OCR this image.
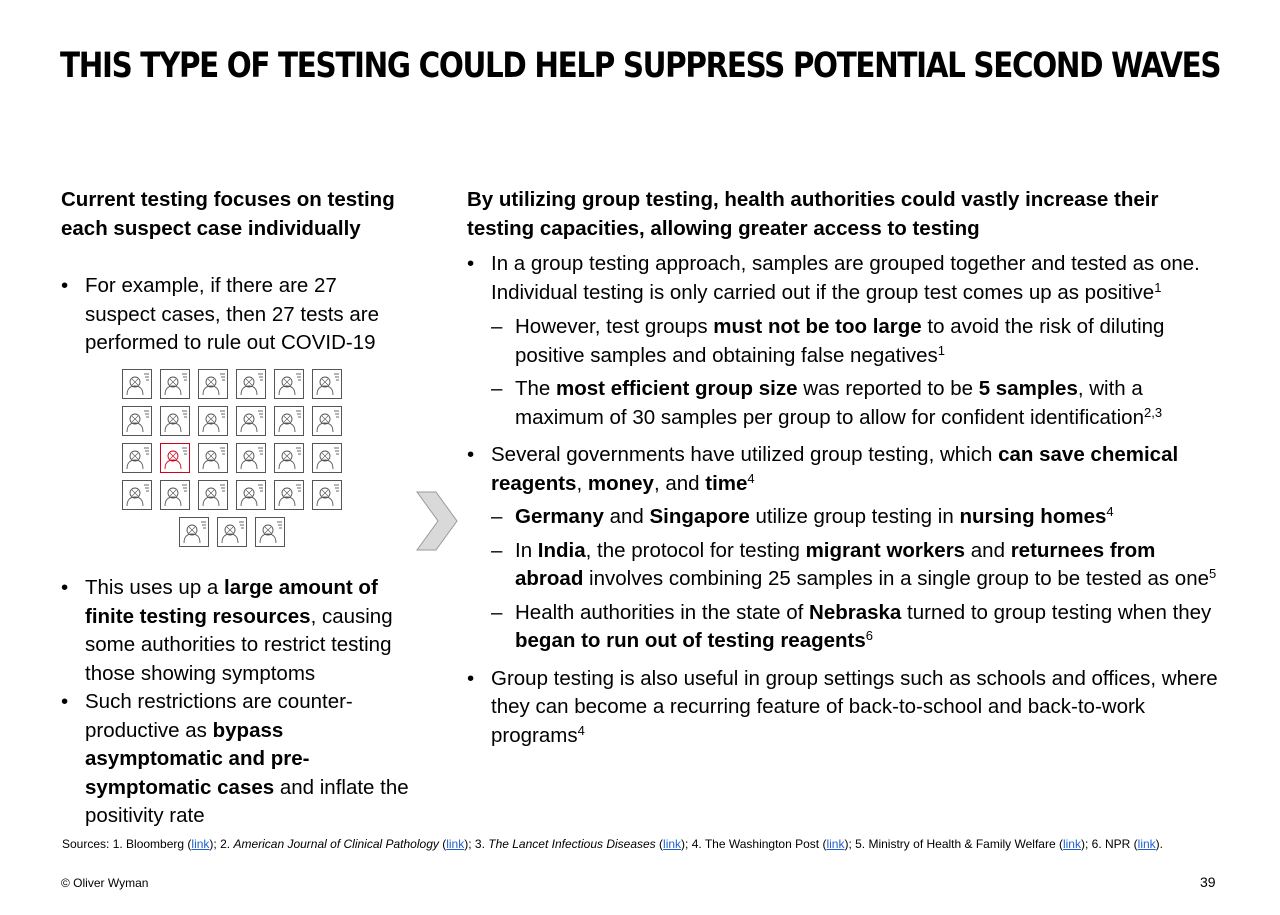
THIS TYPE OF TESTING COULD HELP SUPPRESS POTENTIAL SECOND WAVES

Current testing focuses on testing
each suspect case individually

• For example, if there are 27 suspect cases, then 27 tests are performed to rule out COVID-19
• This uses up a large amount of finite testing resources, causing some authorities to restrict testing those showing symptoms
• Such restrictions are counter-productive as bypass asymptomatic and pre-symptomatic cases and inflate the positivity rate

By utilizing group testing, health authorities could vastly increase their
testing capacities, allowing greater access to testing

• In a group testing approach, samples are grouped together and tested as one. Individual testing is only carried out if the group test comes up as positive$^1$
– However, test groups must not be too large to avoid the risk of diluting positive samples and obtaining false negatives$^1$
– The most efficient group size was reported to be 5 samples, with a maximum of 30 samples per group to allow for confident identification$^{2,3}$
• Several governments have utilized group testing, which can save chemical reagents, money, and time$^4$
– Germany and Singapore utilize group testing in nursing homes$^4$
– In India, the protocol for testing migrant workers and returnees from abroad involves combining 25 samples in a single group to be tested as one$^5$
– Health authorities in the state of Nebraska turned to group testing when they began to run out of testing reagents$^6$
• Group testing is also useful in group settings such as schools and offices, where they can become a recurring feature of back-to-school and back-to-work programs$^4$
Sources: 1. Bloomberg (link); 2. American Journal of Clinical Pathology (link); 3. The Lancet Infectious Diseases (link); 4. The Washington Post (link); 5. Ministry of Health & Family Welfare (link); 6. NPR (link).
© Oliver Wyman	39
